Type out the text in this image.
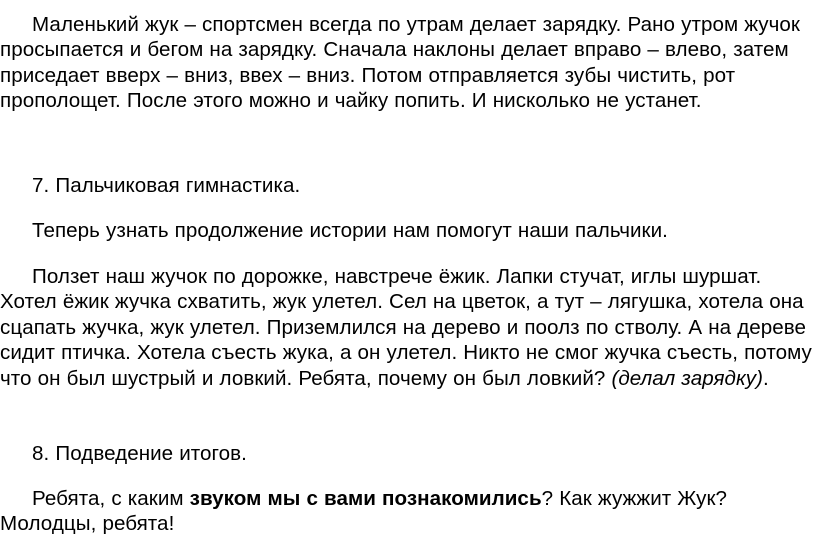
Маленький жук – спортсмен всегда по утрам делает зарядку. Рано утром жучок просыпается и бегом на зарядку. Сначала наклоны делает вправо – влево, затем приседает вверх – вниз, ввех – вниз. Потом отправляется зубы чистить, рот прополощет. После этого можно и чайку попить. И нисколько не устанет.

7. Пальчиковая гимнастика.

Теперь узнать продолжение истории нам помогут наши пальчики.

Ползет наш жучок по дорожке, навстрече ёжик. Лапки стучат, иглы шуршат. Хотел ёжик жучка схватить, жук улетел. Сел на цветок, а тут – лягушка, хотела она сцапать жучка, жук улетел. Приземлился на дерево и поолз по стволу. А на дереве сидит птичка. Хотела съесть жука, а он улетел. Никто не смог жучка съесть, потому что он был шустрый и ловкий. Ребята, почему он был ловкий? (делал зарядку).

8. Подведение итогов.

Ребята, с каким звуком мы с вами познакомились? Как жужжит Жук?Молодцы, ребята!
